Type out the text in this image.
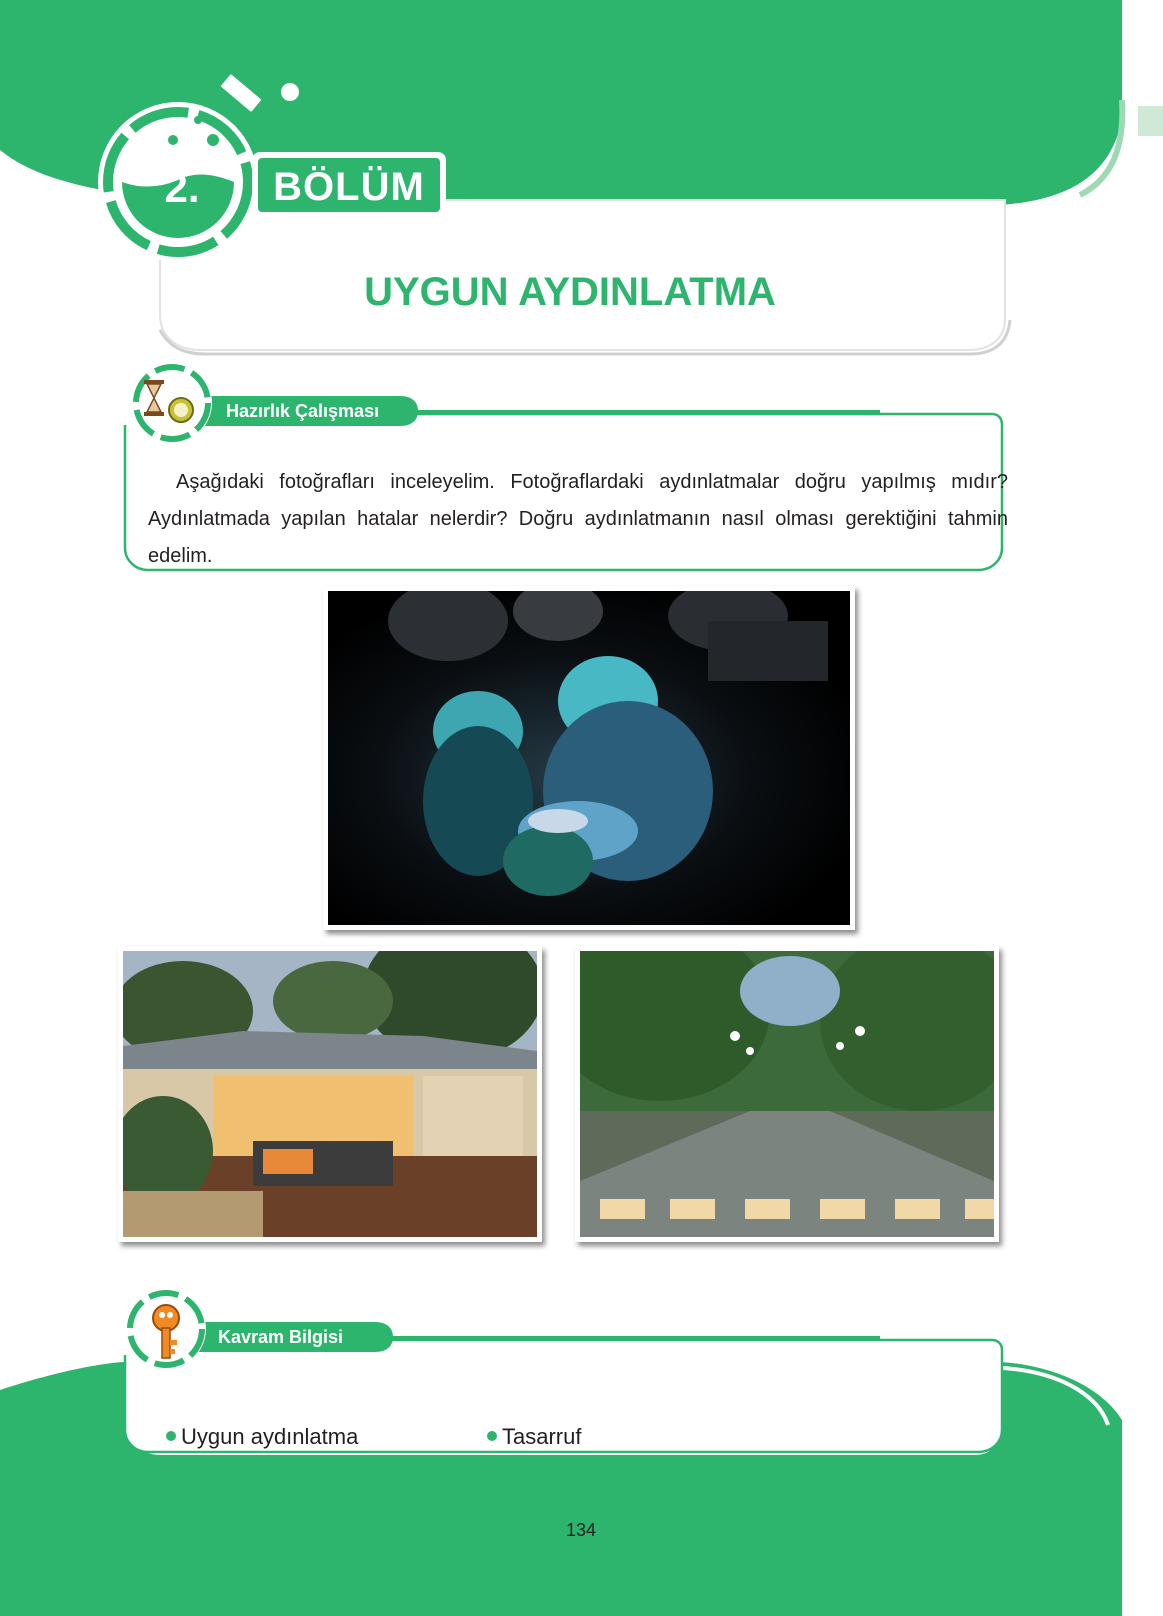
2.	BÖLÜM
UYGUN AYDINLATMA
Hazırlık Çalışması
Aşağıdaki fotoğrafları inceleyelim. Fotoğraflardaki aydınlatmalar doğru yapılmış mıdır? Aydınlatmada yapılan hatalar nelerdir? Doğru aydınlatmanın nasıl olması gerektiğini tahmin edelim.
Kavram Bilgisi
Uygun aydınlatma	Tasarruf
134
